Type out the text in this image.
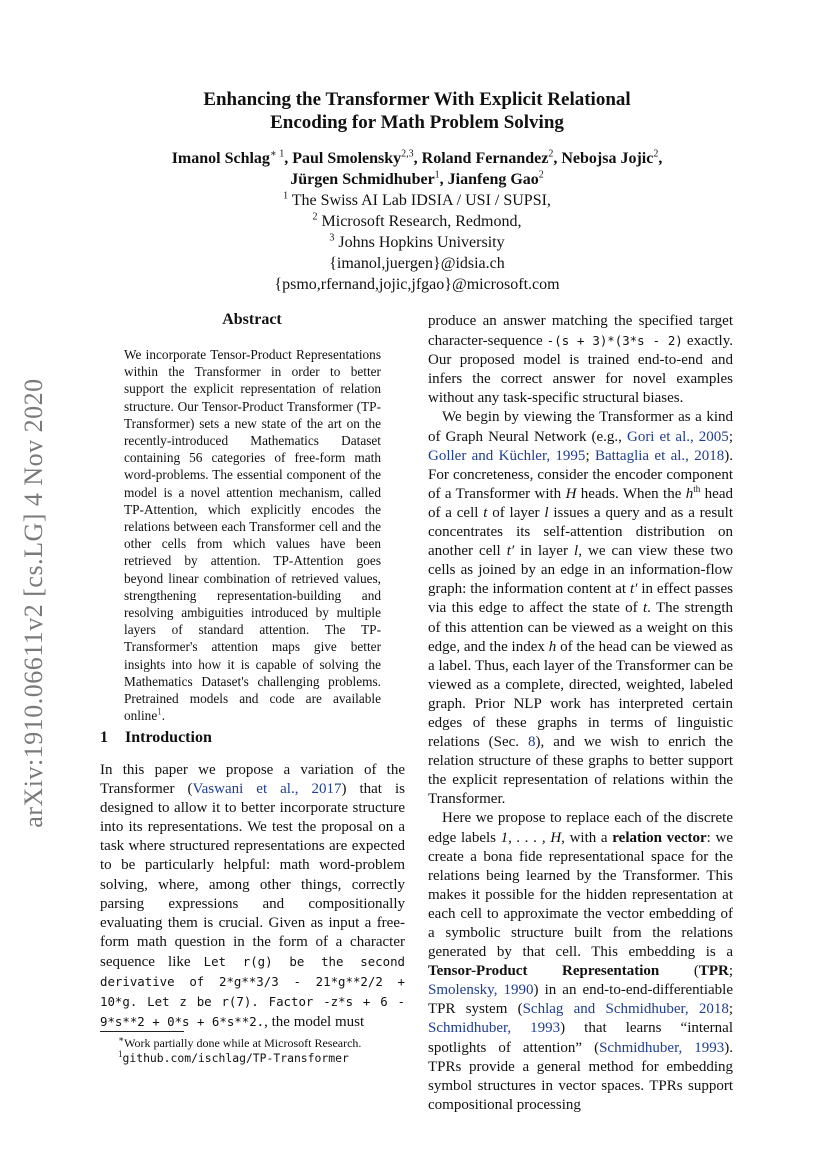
arXiv:1910.06611v2 [cs.LG] 4 Nov 2020
Enhancing the Transformer With Explicit Relational
Encoding for Math Problem Solving
Imanol Schlag$^{∗ 1}$, Paul Smolensky$^{2,3}$, Roland Fernandez$^2$, Nebojsa Jojic$^2$,
Jürgen Schmidhuber$^1$, Jianfeng Gao$^2$
$^1$ The Swiss AI Lab IDSIA / USI / SUPSI,
$^2$ Microsoft Research, Redmond,
$^3$ Johns Hopkins University
{imanol,juergen}@idsia.ch
{psmo,rfernand,jojic,jfgao}@microsoft.com
Abstract
We incorporate Tensor-Product Representations within the Transformer in order to better support the explicit representation of relation structure. Our Tensor-Product Transformer (TP-Transformer) sets a new state of the art on the recently-introduced Mathematics Dataset containing 56 categories of free-form math word-problems. The essential component of the model is a novel attention mechanism, called TP-Attention, which explicitly encodes the relations between each Transformer cell and the other cells from which values have been retrieved by attention. TP-Attention goes beyond linear combination of retrieved values, strengthening representation-building and resolving ambiguities introduced by multiple layers of standard attention. The TP-Transformer's attention maps give better insights into how it is capable of solving the Mathematics Dataset's challenging problems. Pretrained models and code are available online$^1$.
1 Introduction

In this paper we propose a variation of the Transformer (Vaswani et al., 2017) that is designed to allow it to better incorporate structure into its representations. We test the proposal on a task where structured representations are expected to be particularly helpful: math word-problem solving, where, among other things, correctly parsing expressions and compositionally evaluating them is crucial. Given as input a free-form math question in the form of a character sequence like Let r(g) be the second derivative of 2*g**3/3 - 21*g**2/2 + 10*g. Let z be r(7). Factor -z*s + 6 - 9*s**2 + 0*s + 6*s**2., the model must

produce an answer matching the specified target character-sequence -(s + 3)*(3*s - 2) exactly. Our proposed model is trained end-to-end and infers the correct answer for novel examples without any task-specific structural biases.

We begin by viewing the Transformer as a kind of Graph Neural Network (e.g., Gori et al., 2005; Goller and Küchler, 1995; Battaglia et al., 2018). For concreteness, consider the encoder component of a Transformer with H heads. When the $h^{th}$ head of a cell t of layer l issues a query and as a result concentrates its self-attention distribution on another cell t′ in layer l, we can view these two cells as joined by an edge in an information-flow graph: the information content at t′ in effect passes via this edge to affect the state of t. The strength of this attention can be viewed as a weight on this edge, and the index h of the head can be viewed as a label. Thus, each layer of the Transformer can be viewed as a complete, directed, weighted, labeled graph. Prior NLP work has interpreted certain edges of these graphs in terms of linguistic relations (Sec. 8), and we wish to enrich the relation structure of these graphs to better support the explicit representation of relations within the Transformer.

Here we propose to replace each of the discrete edge labels 1, . . . , H, with a relation vector: we create a bona fide representational space for the relations being learned by the Transformer. This makes it possible for the hidden representation at each cell to approximate the vector embedding of a symbolic structure built from the relations generated by that cell. This embedding is a Tensor-Product Representation (TPR; Smolensky, 1990) in an end-to-end-differentiable TPR system (Schlag and Schmidhuber, 2018; Schmidhuber, 1993) that learns “internal spotlights of attention” (Schmidhuber, 1993). TPRs provide a general method for embedding symbol structures in vector spaces. TPRs support compositional processing

∗Work partially done while at Microsoft Research.
$^1$github.com/ischlag/TP-Transformer
